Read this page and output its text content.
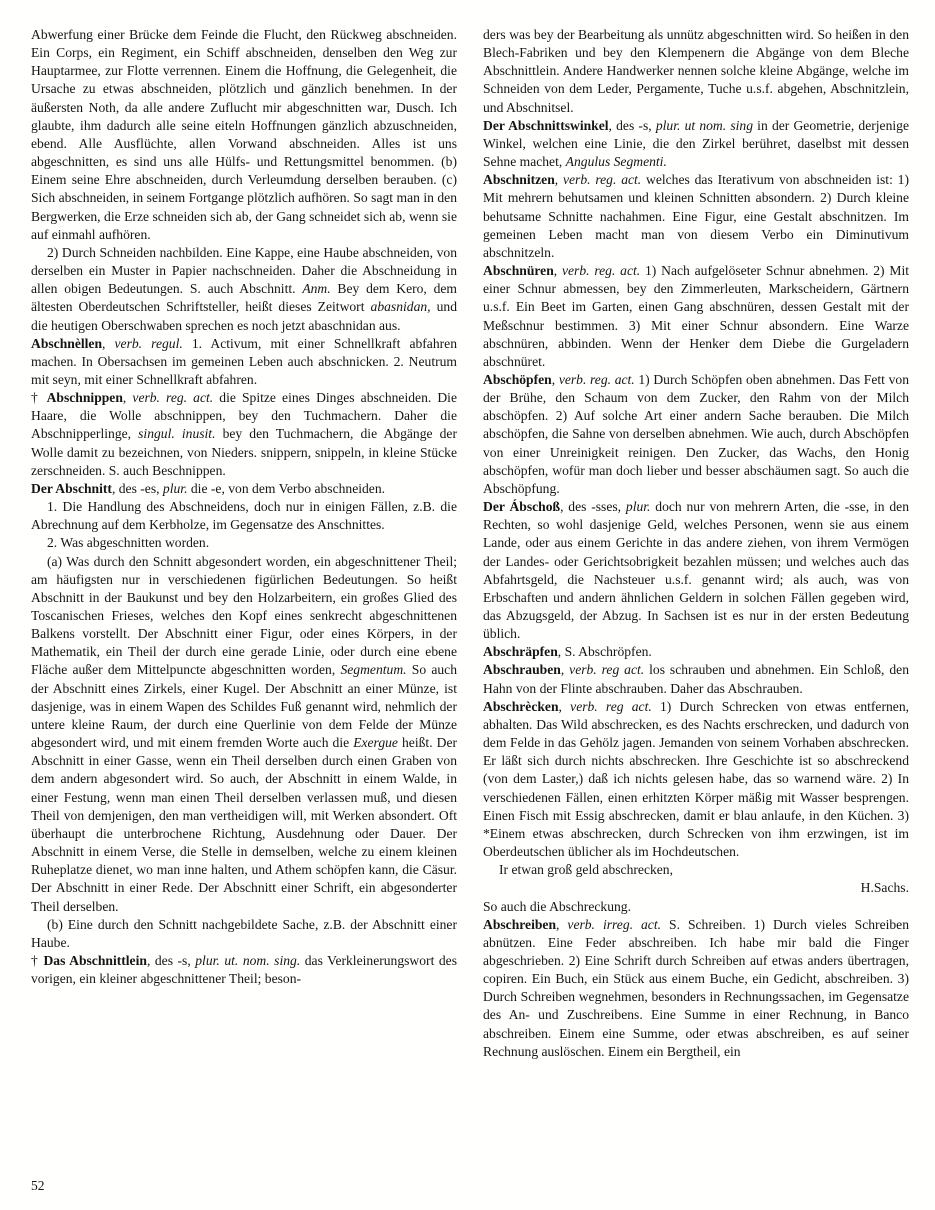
Abwerfung einer Brücke dem Feinde die Flucht, den Rückweg abschneiden. Ein Corps, ein Regiment, ein Schiff abschneiden, denselben den Weg zur Hauptarmee, zur Flotte verrennen. Einem die Hoffnung, die Gelegenheit, die Ursache zu etwas abschneiden, plötzlich und gänzlich benehmen. In der äußersten Noth, da alle andere Zuflucht mir abgeschnitten war, Dusch. Ich glaubte, ihm dadurch alle seine eiteln Hoffnungen gänzlich abzuschneiden, ebend. Alle Ausflüchte, allen Vorwand abschneiden. Alles ist uns abgeschnitten, es sind uns alle Hülfs- und Rettungsmittel benommen. (b) Einem seine Ehre abschneiden, durch Verleumdung derselben berauben. (c) Sich abschneiden, in seinem Fortgange plötzlich aufhören. So sagt man in den Bergwerken, die Erze schneiden sich ab, der Gang schneidet sich ab, wenn sie auf einmahl aufhören.

2) Durch Schneiden nachbilden. Eine Kappe, eine Haube abschneiden, von derselben ein Muster in Papier nachschneiden. Daher die Abschneidung in allen obigen Bedeutungen. S. auch Abschnitt. Anm. Bey dem Kero, dem ältesten Oberdeutschen Schriftsteller, heißt dieses Zeitwort abasnidan, und die heutigen Oberschwaben sprechen es noch jetzt abaschnidan aus.

Abschnèllen, verb. regul. 1. Activum, mit einer Schnellkraft abfahren machen. In Obersachsen im gemeinen Leben auch abschnicken. 2. Neutrum mit seyn, mit einer Schnellkraft abfahren.

† Abschnippen, verb. reg. act. die Spitze eines Dinges abschneiden. Die Haare, die Wolle abschnippen, bey den Tuchmachern. Daher die Abschnipperlinge, singul. inusit. bey den Tuchmachern, die Abgänge der Wolle damit zu bezeichnen, von Nieders. snippern, snippeln, in kleine Stücke zerschneiden. S. auch Beschnippen.

Der Abschnitt, des -es, plur. die -e, von dem Verbo abschneiden.

1. Die Handlung des Abschneidens, doch nur in einigen Fällen, z.B. die Abrechnung auf dem Kerbholze, im Gegensatze des Anschnittes.

2. Was abgeschnitten worden.

(a) Was durch den Schnitt abgesondert worden, ein abgeschnittener Theil; am häufigsten nur in verschiedenen figürlichen Bedeutungen. So heißt Abschnitt in der Baukunst und bey den Holzarbeitern, ein großes Glied des Toscanischen Frieses, welches den Kopf eines senkrecht abgeschnittenen Balkens vorstellt. Der Abschnitt einer Figur, oder eines Körpers, in der Mathematik, ein Theil der durch eine gerade Linie, oder durch eine ebene Fläche außer dem Mittelpuncte abgeschnitten worden, Segmentum. So auch der Abschnitt eines Zirkels, einer Kugel. Der Abschnitt an einer Münze, ist dasjenige, was in einem Wapen des Schildes Fuß genannt wird, nehmlich der untere kleine Raum, der durch eine Querlinie von dem Felde der Münze abgesondert wird, und mit einem fremden Worte auch die Exergue heißt. Der Abschnitt in einer Gasse, wenn ein Theil derselben durch einen Graben von dem andern abgesondert wird. So auch, der Abschnitt in einem Walde, in einer Festung, wenn man einen Theil derselben verlassen muß, und diesen Theil von demjenigen, den man vertheidigen will, mit Werken absondert. Oft überhaupt die unterbrochene Richtung, Ausdehnung oder Dauer. Der Abschnitt in einem Verse, die Stelle in demselben, welche zu einem kleinen Ruheplatze dienet, wo man inne halten, und Athem schöpfen kann, die Cäsur. Der Abschnitt in einer Rede. Der Abschnitt einer Schrift, ein abgesonderter Theil derselben.

(b) Eine durch den Schnitt nachgebildete Sache, z.B. der Abschnitt einer Haube.

† Das Abschnittlein, des -s, plur. ut. nom. sing. das Verkleinerungswort des vorigen, ein kleiner abgeschnittener Theil; beson-

ders was bey der Bearbeitung als unnütz abgeschnitten wird. So heißen in den Blech-Fabriken und bey den Klempenern die Abgänge von dem Bleche Abschnittlein. Andere Handwerker nennen solche kleine Abgänge, welche im Schneiden von dem Leder, Pergamente, Tuche u.s.f. abgehen, Abschnitzlein, und Abschnitsel.

Der Abschnittswinkel, des -s, plur. ut nom. sing in der Geometrie, derjenige Winkel, welchen eine Linie, die den Zirkel berühret, daselbst mit dessen Sehne machet, Angulus Segmenti.

Abschnitzen, verb. reg. act. welches das Iterativum von abschneiden ist: 1) Mit mehrern behutsamen und kleinen Schnitten absondern. 2) Durch kleine behutsame Schnitte nachahmen. Eine Figur, eine Gestalt abschnitzen. Im gemeinen Leben macht man von diesem Verbo ein Diminutivum abschnitzeln.

Abschnüren, verb. reg. act. 1) Nach aufgelöseter Schnur abnehmen. 2) Mit einer Schnur abmessen, bey den Zimmerleuten, Markscheidern, Gärtnern u.s.f. Ein Beet im Garten, einen Gang abschnüren, dessen Gestalt mit der Meßschnur bestimmen. 3) Mit einer Schnur absondern. Eine Warze abschnüren, abbinden. Wenn der Henker dem Diebe die Gurgeladern abschnüret.

Abschöpfen, verb. reg. act. 1) Durch Schöpfen oben abnehmen. Das Fett von der Brühe, den Schaum von dem Zucker, den Rahm von der Milch abschöpfen. 2) Auf solche Art einer andern Sache berauben. Die Milch abschöpfen, die Sahne von derselben abnehmen. Wie auch, durch Abschöpfen von einer Unreinigkeit reinigen. Den Zucker, das Wachs, den Honig abschöpfen, wofür man doch lieber und besser abschäumen sagt. So auch die Abschöpfung.

Der Ábschoß, des -sses, plur. doch nur von mehrern Arten, die -sse, in den Rechten, so wohl dasjenige Geld, welches Personen, wenn sie aus einem Lande, oder aus einem Gerichte in das andere ziehen, von ihrem Vermögen der Landes- oder Gerichtsobrigkeit bezahlen müssen; und welches auch das Abfahrtsgeld, die Nachsteuer u.s.f. genannt wird; als auch, was von Erbschaften und andern ähnlichen Geldern in solchen Fällen gegeben wird, das Abzugsgeld, der Abzug. In Sachsen ist es nur in der ersten Bedeutung üblich.

Abschräpfen, S. Abschröpfen.

Abschrauben, verb. reg act. los schrauben und abnehmen. Ein Schloß, den Hahn von der Flinte abschrauben. Daher das Abschrauben.

Abschrècken, verb. reg act. 1) Durch Schrecken von etwas entfernen, abhalten. Das Wild abschrecken, es des Nachts erschrecken, und dadurch von dem Felde in das Gehölz jagen. Jemanden von seinem Vorhaben abschrecken. Er läßt sich durch nichts abschrecken. Ihre Geschichte ist so abschreckend (von dem Laster,) daß ich nichts gelesen habe, das so warnend wäre. 2) In verschiedenen Fällen, einen erhitzten Körper mäßig mit Wasser besprengen. Einen Fisch mit Essig abschrecken, damit er blau anlaufe, in den Küchen. 3) *Einem etwas abschrecken, durch Schrecken von ihm erzwingen, ist im Oberdeutschen üblicher als im Hochdeutschen.

Ir etwan groß geld abschrecken,

H.Sachs.

So auch die Abschreckung.

Abschreiben, verb. irreg. act. S. Schreiben. 1) Durch vieles Schreiben abnützen. Eine Feder abschreiben. Ich habe mir bald die Finger abgeschrieben. 2) Eine Schrift durch Schreiben auf etwas anders übertragen, copiren. Ein Buch, ein Stück aus einem Buche, ein Gedicht, abschreiben. 3) Durch Schreiben wegnehmen, besonders in Rechnungssachen, im Gegensatze des An- und Zuschreibens. Eine Summe in einer Rechnung, in Banco abschreiben. Einem eine Summe, oder etwas abschreiben, es auf seiner Rechnung auslöschen. Einem ein Bergtheil, ein

52
